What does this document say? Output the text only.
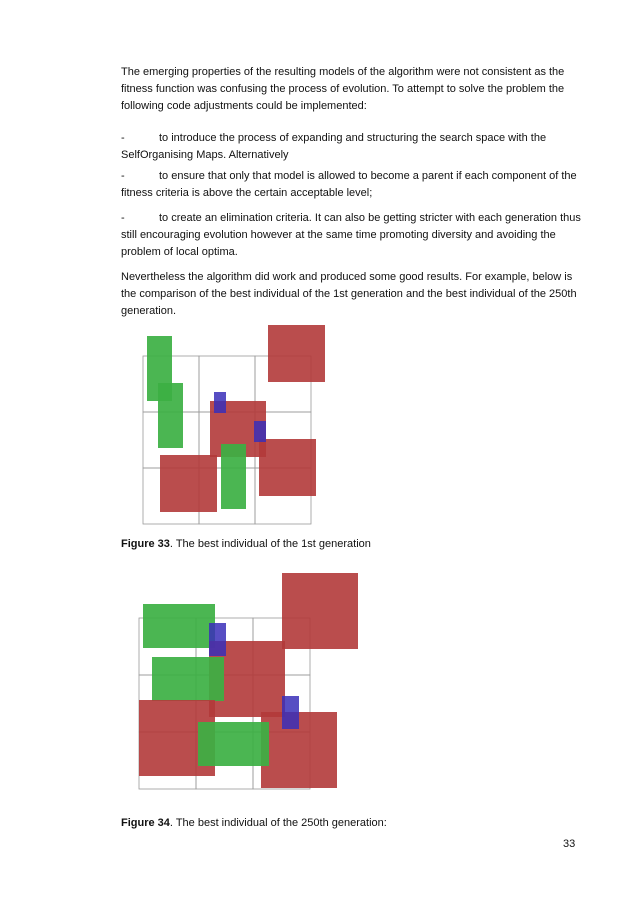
The emerging properties of the resulting models of the algorithm were not consistent as the fitness function was confusing the process of evolution. To attempt to solve the problem the following code adjustments could be implemented:

-	to introduce the process of expanding and structuring the search space with the SelfOrganising Maps. Alternatively

-	to ensure that only that model is allowed to become a parent if each component of the fitness criteria is above the certain acceptable level;

-	to create an elimination criteria. It can also be getting stricter with each generation thus still encouraging evolution however at the same time promoting diversity and avoiding the problem of local optima.

Nevertheless the algorithm did work and produced some good results. For example, below is the comparison of the best individual of the 1st generation and the best individual of the 250th generation.

Figure 33. The best individual of the 1st generation

Figure 34. The best individual of the 250th generation:

33
